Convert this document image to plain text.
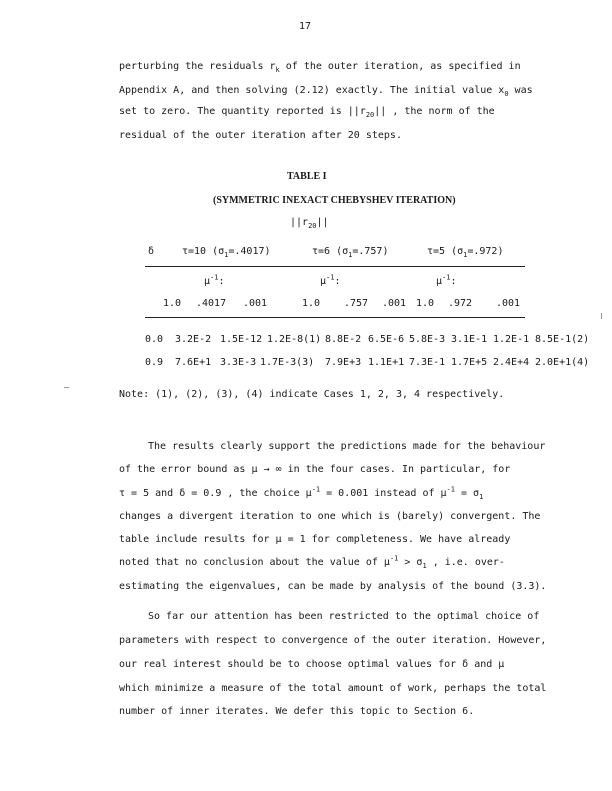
17
perturbing the residuals $r_k$ of the outer iteration, as specified in
Appendix A, and then solving (2.12) exactly. The initial value $x_0$ was
set to zero. The quantity reported is $||r_{20}||$ , the norm of the
residual of the outer iteration after 20 steps.
TABLE I
(SYMMETRIC INEXACT CHEBYSHEV ITERATION)
$||r_{20}||$
δ	τ=10 $(\sigma_1=.4017)$	τ=6 $(\sigma_1=.757)$	τ=5 $(\sigma_1=.972)$
$\mu^{-1}$:	$\mu^{-1}$:	$\mu^{-1}$:
1.0 .4017 .001	1.0 .757 .001 1.0 .972 .001
0.0 3.2E-2 1.5E-12 1.2E-8(1) 8.8E-2 6.5E-6 5.8E-3 3.1E-1 1.2E-1 8.5E-1(2)
0.9 7.6E+1 3.3E-3 1.7E-3(3) 7.9E+3 1.1E+1 7.3E-1 1.7E+5 2.4E+4 2.0E+1(4)
Note: (1), (2), (3), (4) indicate Cases 1, 2, 3, 4 respectively.
The results clearly support the predictions made for the behaviour
of the error bound as μ → ∞ in the four cases. In particular, for
τ = 5 and δ = 0.9 , the choice $\mu^{-1} = 0.001$ instead of $\mu^{-1} = \sigma_1$
changes a divergent iteration to one which is (barely) convergent. The
table include results for μ = 1 for completeness. We have already
noted that no conclusion about the value of $\mu^{-1} > \sigma_1$ , i.e. over-
estimating the eigenvalues, can be made by analysis of the bound (3.3).
So far our attention has been restricted to the optimal choice of
parameters with respect to convergence of the outer iteration. However,
our real interest should be to choose optimal values for δ and μ
which minimize a measure of the total amount of work, perhaps the total
number of inner iterates. We defer this topic to Section 6.
